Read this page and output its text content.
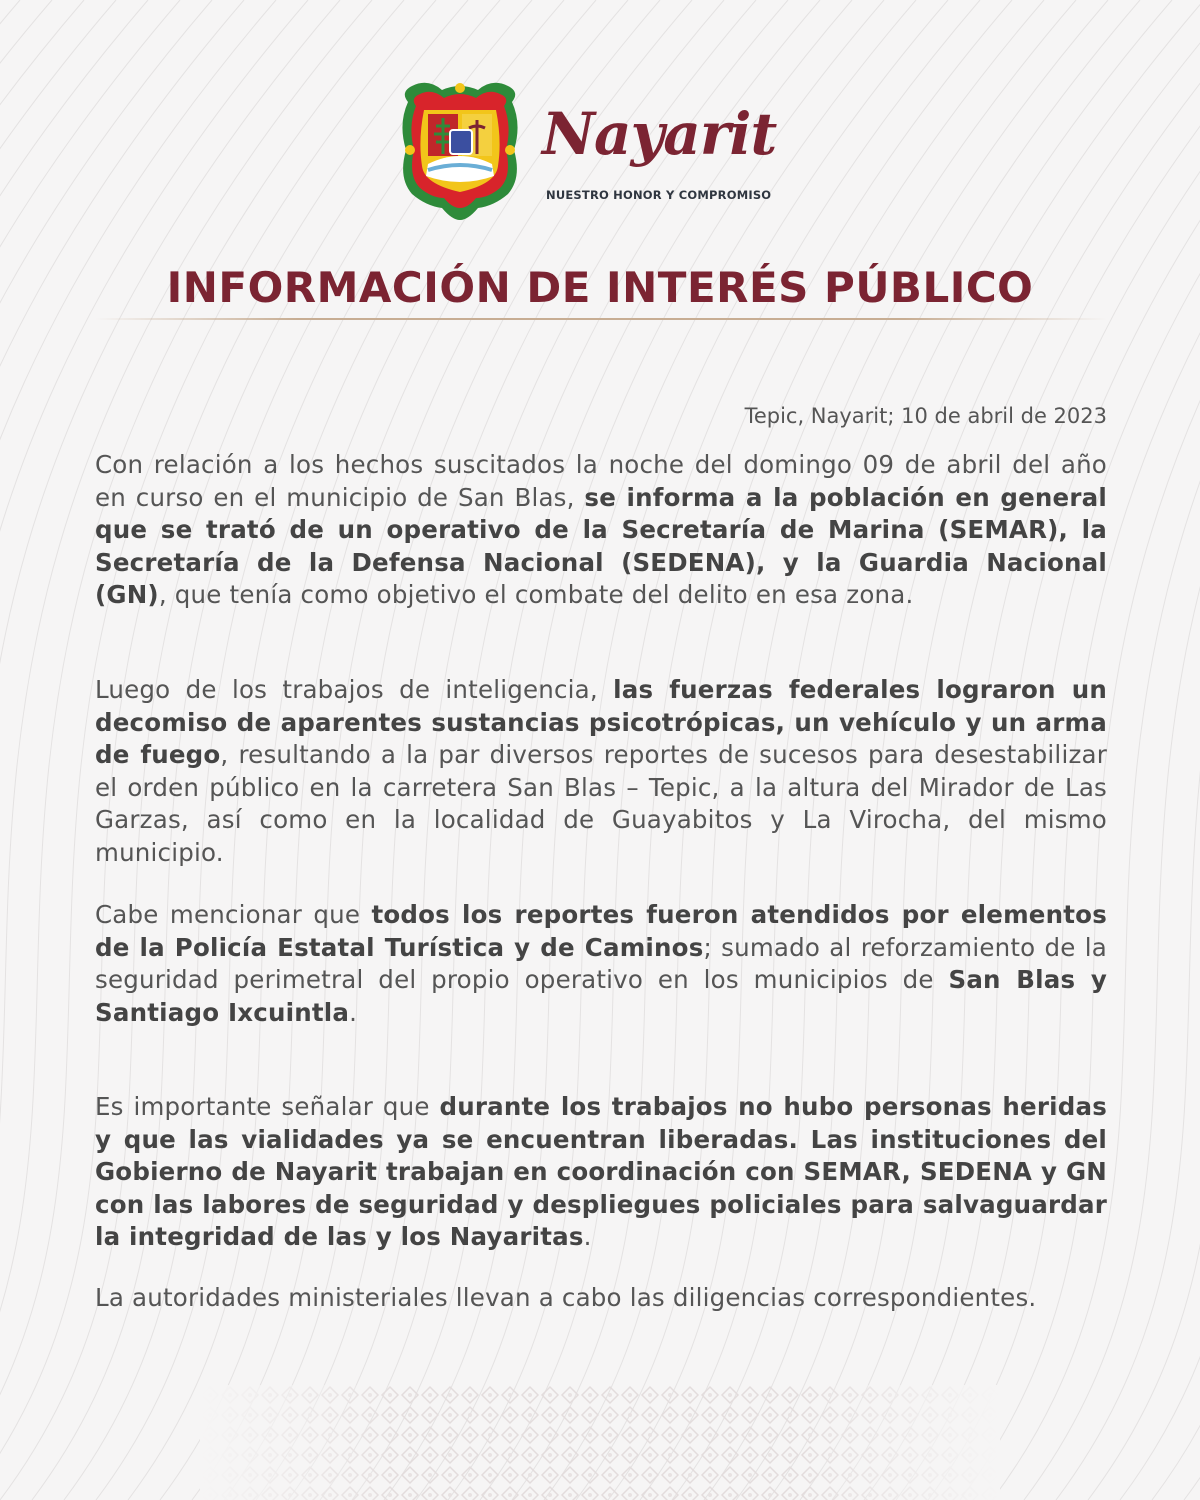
Nayarit
NUESTRO HONOR Y COMPROMISO
INFORMACIÓN DE INTERÉS PÚBLICO
Tepic, Nayarit; 10 de abril de 2023
Con relación a los hechos suscitados la noche del domingo 09 de abril del año en curso en el municipio de San Blas, se informa a la población en general que se trató de un operativo de la Secretaría de Marina (SEMAR), la Secretaría de la Defensa Nacional (SEDENA), y la Guardia Nacional (GN), que tenía como objetivo el combate del delito en esa zona.
Luego de los trabajos de inteligencia, las fuerzas federales lograron un decomiso de aparentes sustancias psicotrópicas, un vehículo y un arma de fuego, resultando a la par diversos reportes de sucesos para desestabilizar el orden público en la carretera San Blas – Tepic, a la altura del Mirador de Las Garzas, así como en la localidad de Guayabitos y La Virocha, del mismo municipio.
Cabe mencionar que todos los reportes fueron atendidos por elementos de la Policía Estatal Turística y de Caminos; sumado al reforzamiento de la seguridad perimetral del propio operativo en los municipios de San Blas y Santiago Ixcuintla.
Es importante señalar que durante los trabajos no hubo personas heridas y que las vialidades ya se encuentran liberadas. Las instituciones del Gobierno de Nayarit trabajan en coordinación con SEMAR, SEDENA y GN con las labores de seguridad y despliegues policiales para salvaguardar la integridad de las y los Nayaritas.
La autoridades ministeriales llevan a cabo las diligencias correspondientes.
